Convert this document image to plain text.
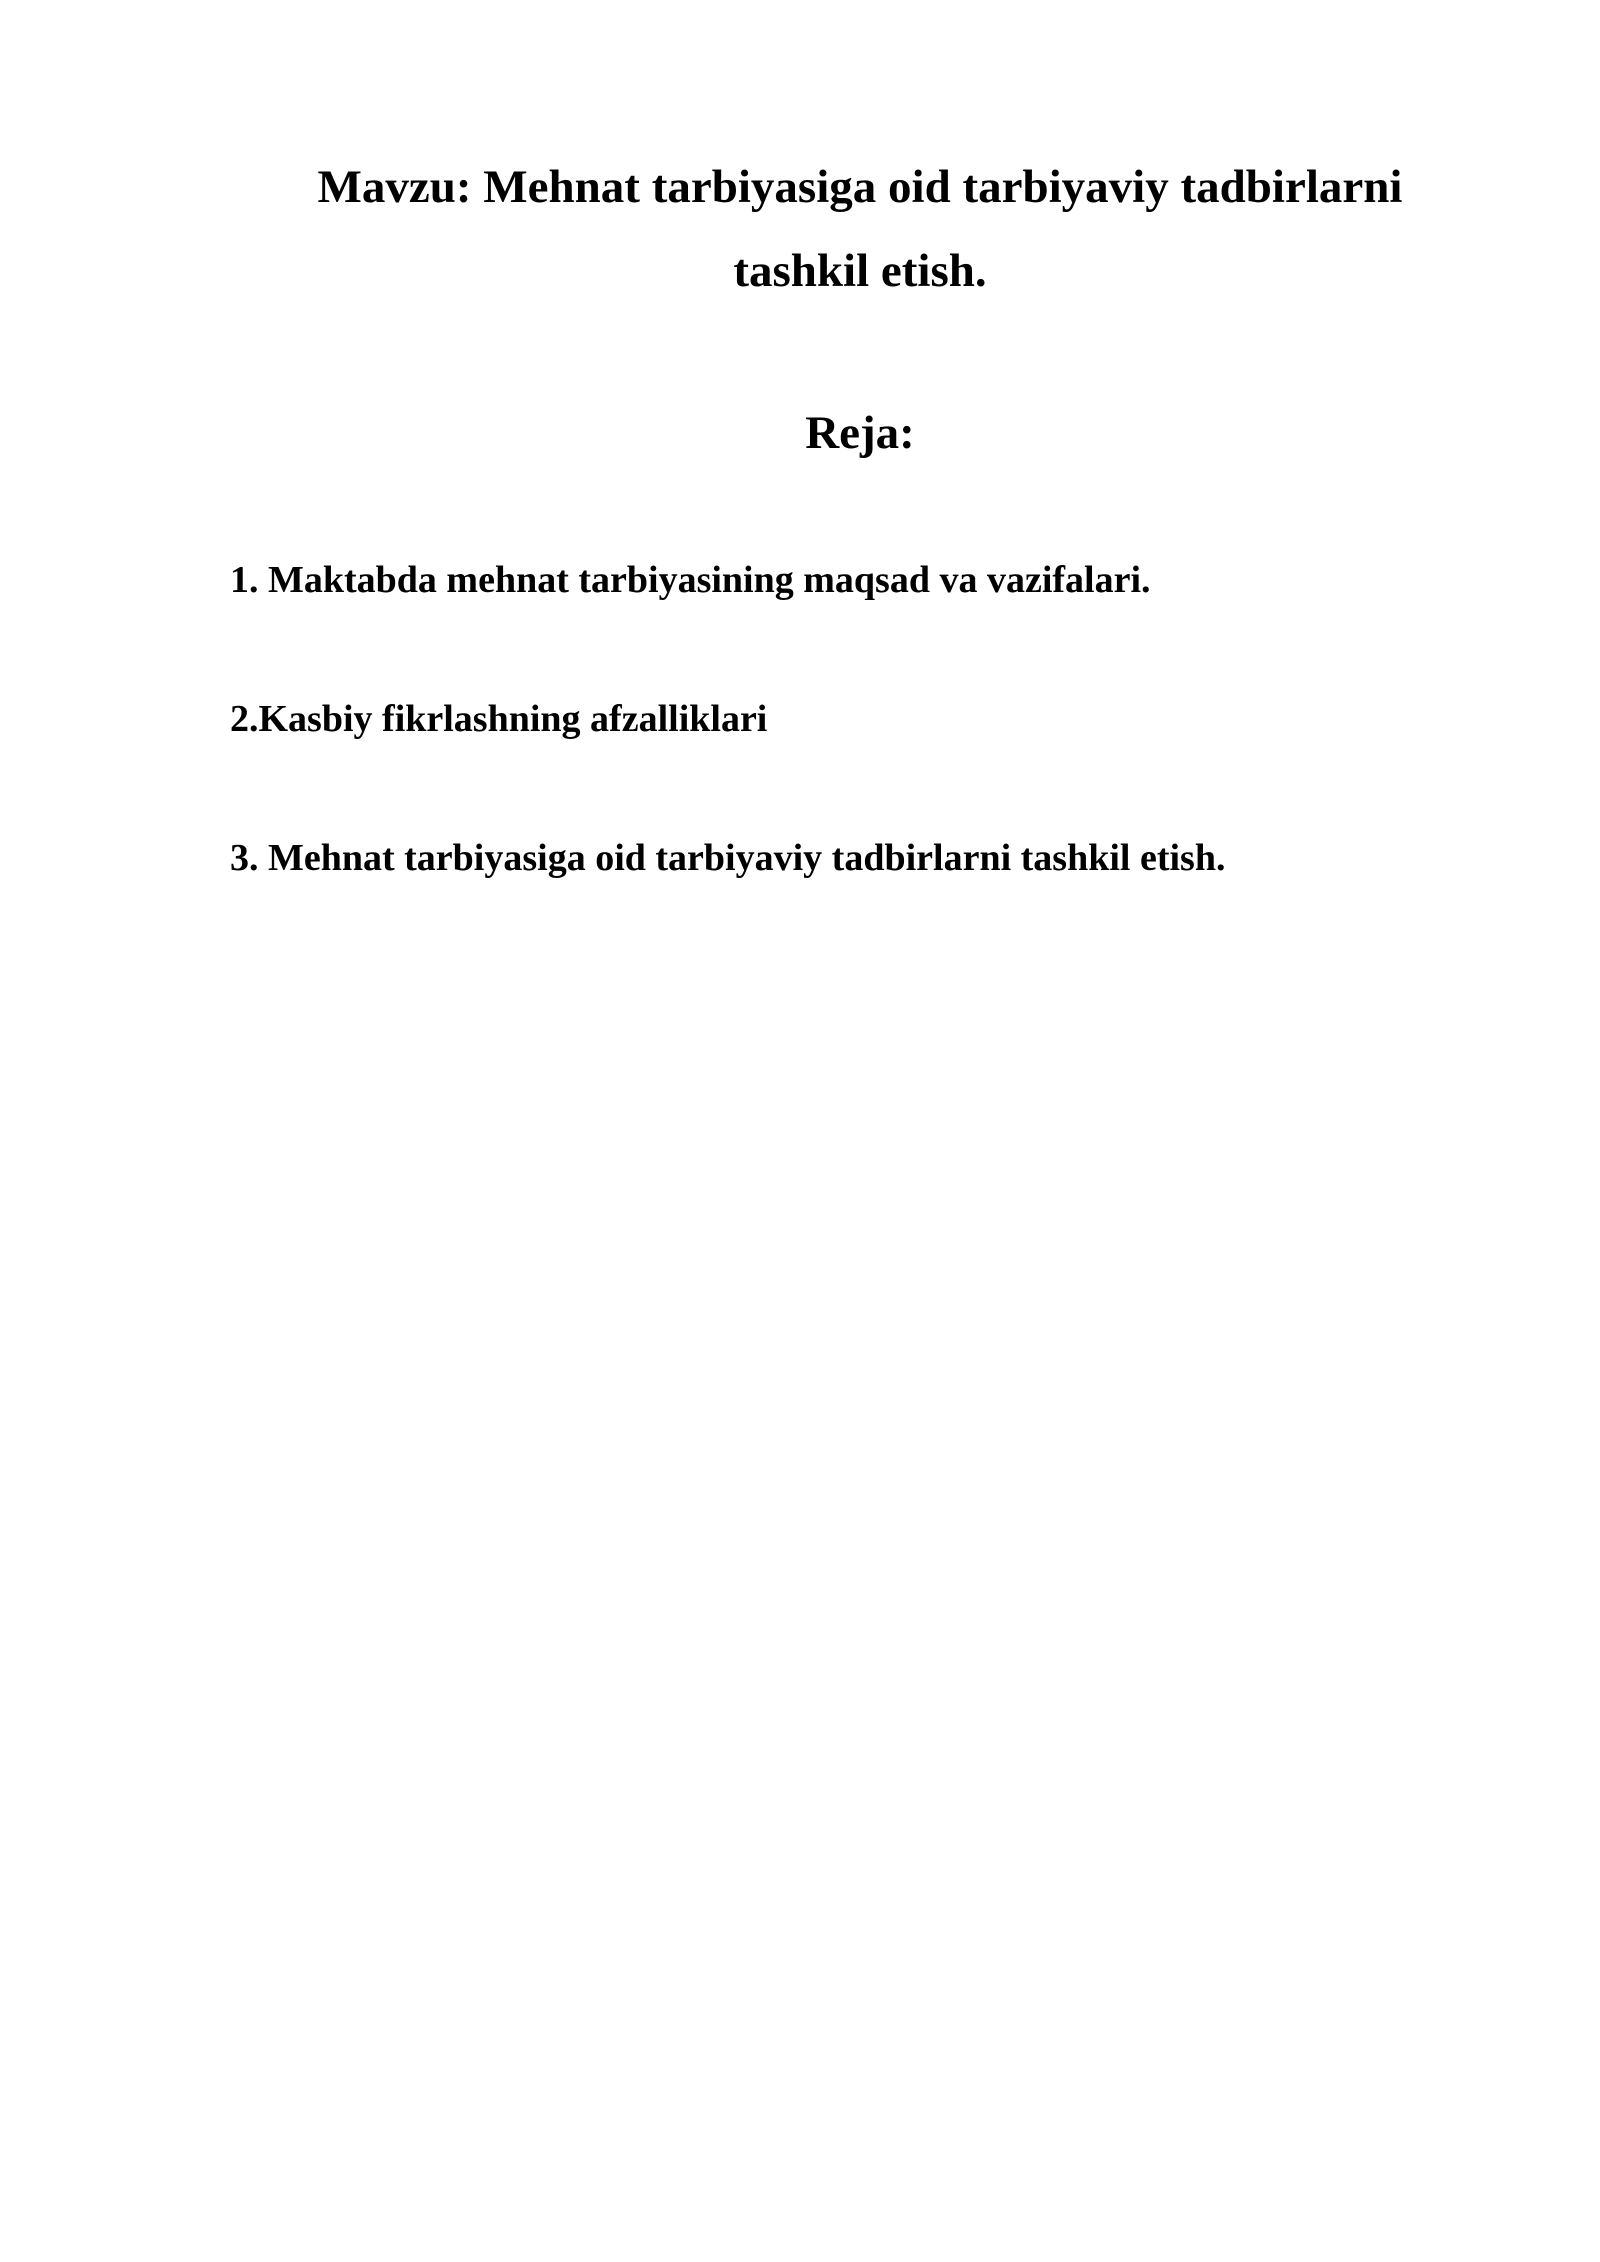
Mavzu: Mehnat tarbiyasiga oid tarbiyaviy tadbirlarni
tashkil etish.
Reja:
1. Maktabda mehnat tarbiyasining maqsad va vazifalari.
2.Kasbiy fikrlashning afzalliklari
3. Mehnat tarbiyasiga oid tarbiyaviy tadbirlarni tashkil etish.
